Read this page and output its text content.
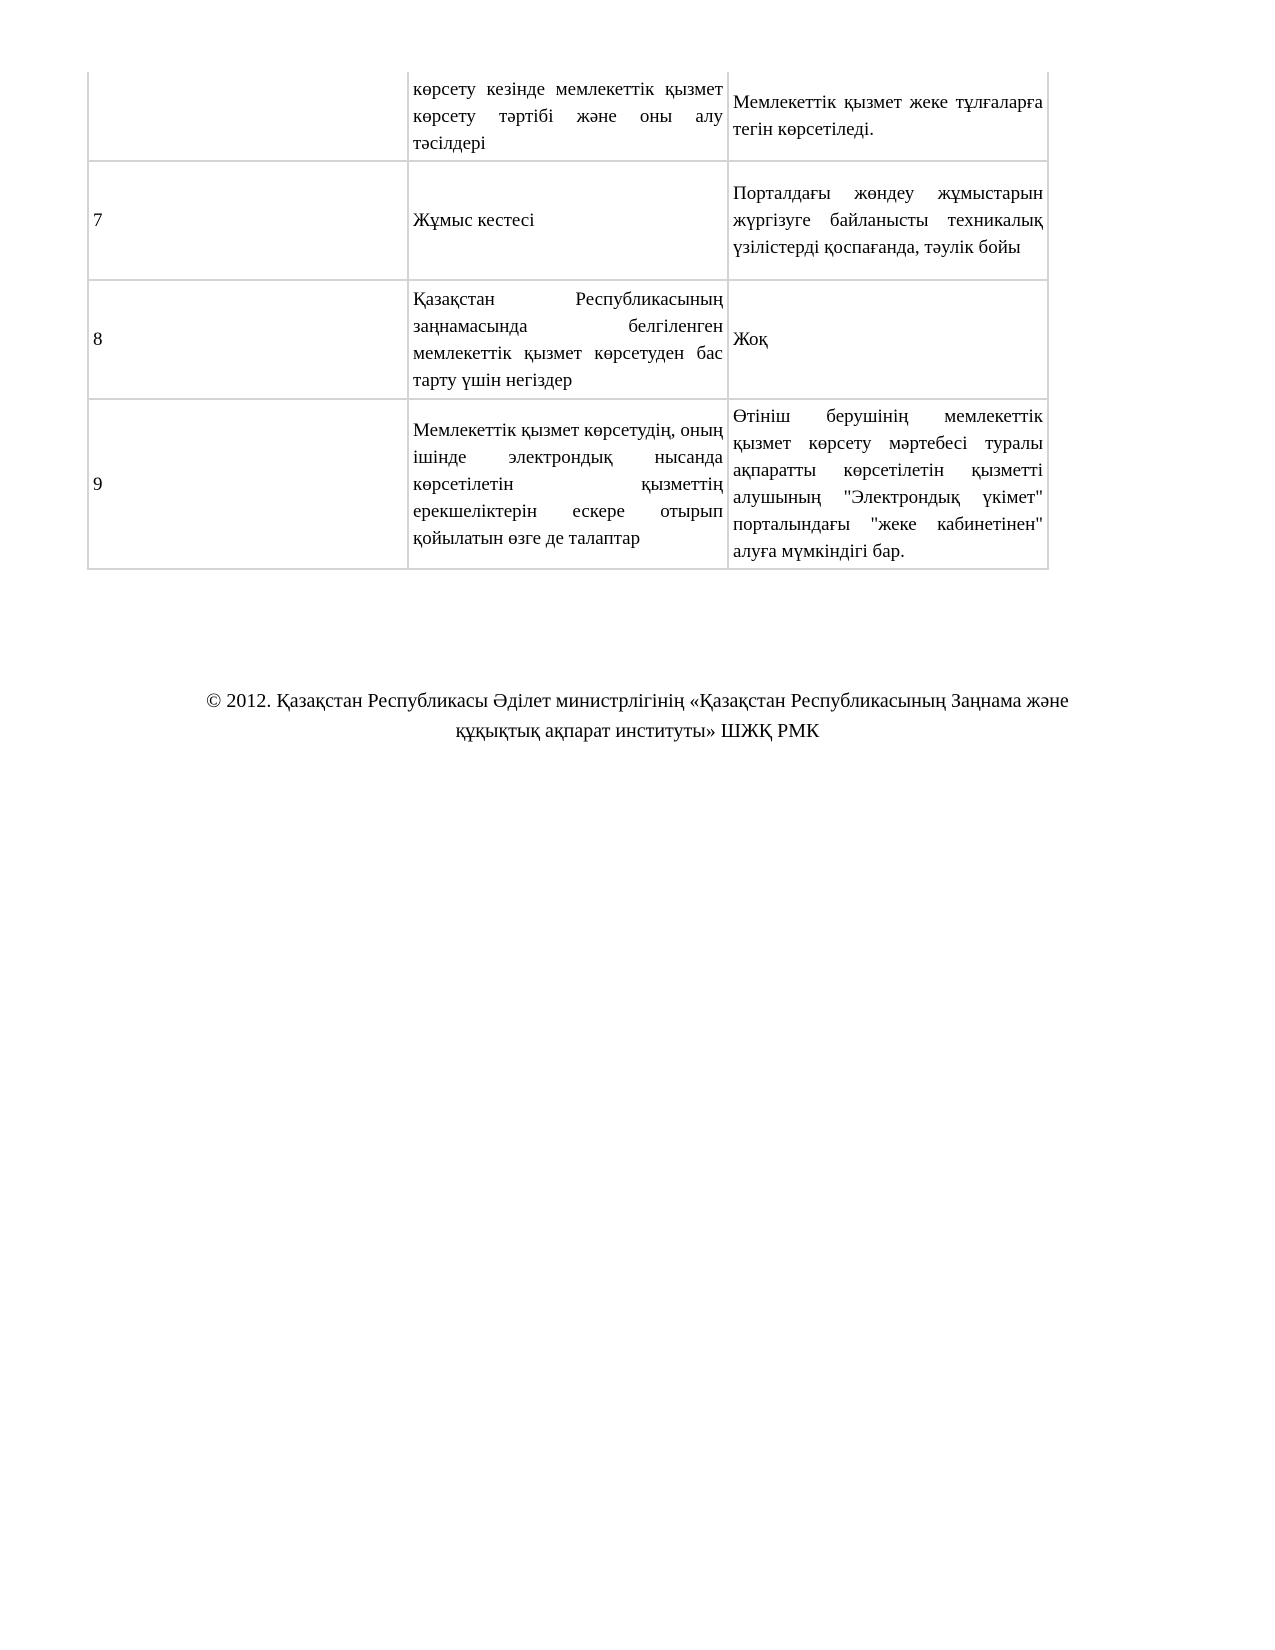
	көрсету кезінде мемлекеттік қызмет көрсету тәртібі және оны алу тәсілдері	Мемлекеттік қызмет жеке тұлғаларға тегін көрсетіледі.
7	Жұмыс кестесі	Порталдағы жөндеу жұмыстарын жүргізуге байланысты техникалық үзілістерді қоспағанда, тәулік бойы
8	Қазақстан Республикасының заңнамасында белгіленген мемлекеттік қызмет көрсетуден бас тарту үшін негіздер	Жоқ
9	Мемлекеттік қызмет көрсетудің, оның ішінде электрондық нысанда көрсетілетін қызметтің ерекшеліктерін ескере отырып қойылатын өзге де талаптар	Өтініш берушінің мемлекеттік қызмет көрсету мәртебесі туралы ақпаратты көрсетілетін қызметті алушының "Электрондық үкімет" порталындағы "жеке кабинетінен" алуға мүмкіндігі бар.
© 2012. Қазақстан Республикасы Әділет министрлігінің «Қазақстан Республикасының Заңнама және
құқықтық ақпарат институты» ШЖҚ РМК
